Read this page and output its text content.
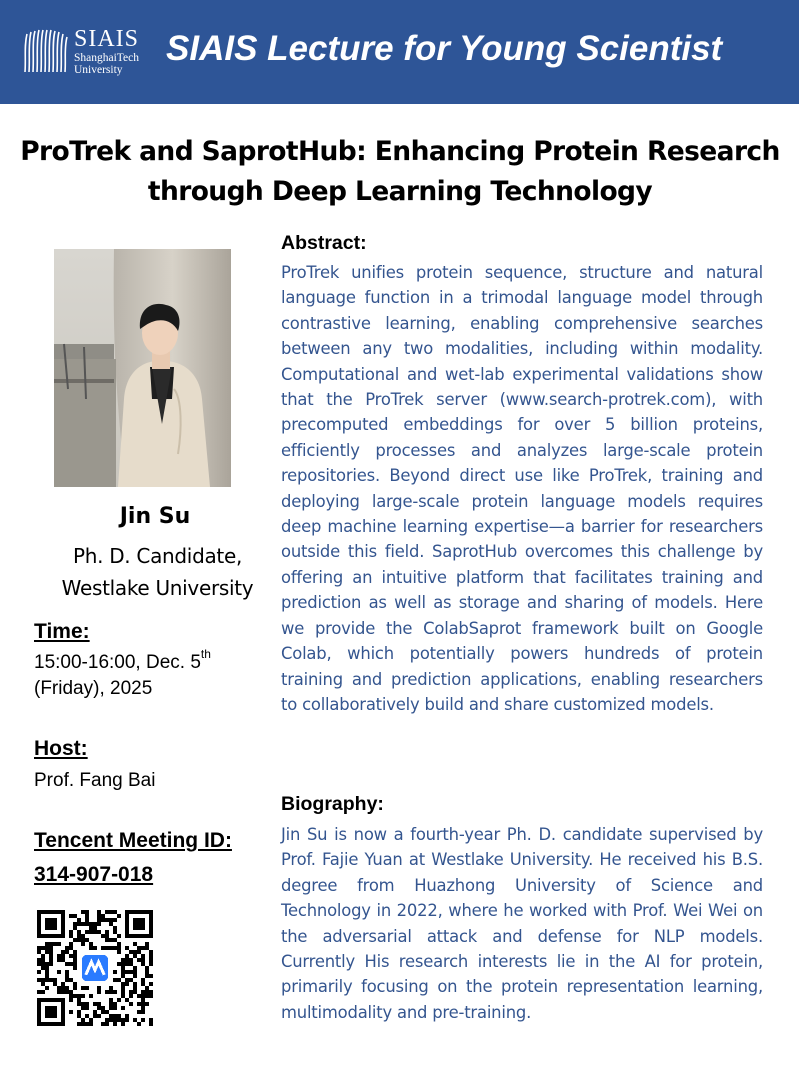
SIAIS
ShanghaiTech
University
SIAIS Lecture for Young Scientist
ProTrek and SaprotHub: Enhancing Protein Research
through Deep Learning Technology
Jin Su
Ph. D. Candidate,
Westlake University
Time:
15:00-16:00, Dec. 5th
(Friday), 2025
Host:
Prof. Fang Bai
Tencent Meeting ID:
314-907-018
Abstract:

ProTrek unifies protein sequence, structure and natural language function in a trimodal language model through contrastive learning, enabling comprehensive searches between any two modalities, including within modality. Computational and wet-lab experimental validations show that the ProTrek server (www.search-protrek.com), with precomputed embeddings for over 5 billion proteins, efficiently processes and analyzes large-scale protein repositories. Beyond direct use like ProTrek, training and deploying large-scale protein language models requires deep machine learning expertise—a barrier for researchers outside this field. SaprotHub overcomes this challenge by offering an intuitive platform that facilitates training and prediction as well as storage and sharing of models. Here we provide the ColabSaprot framework built on Google Colab, which potentially powers hundreds of protein training and prediction applications, enabling researchers to collaboratively build and share customized models.

Biography:

Jin Su is now a fourth-year Ph. D. candidate supervised by Prof. Fajie Yuan at Westlake University. He received his B.S. degree from Huazhong University of Science and Technology in 2022, where he worked with Prof. Wei Wei on the adversarial attack and defense for NLP models. Currently His research interests lie in the AI for protein, primarily focusing on the protein representation learning, multimodality and pre-training.
